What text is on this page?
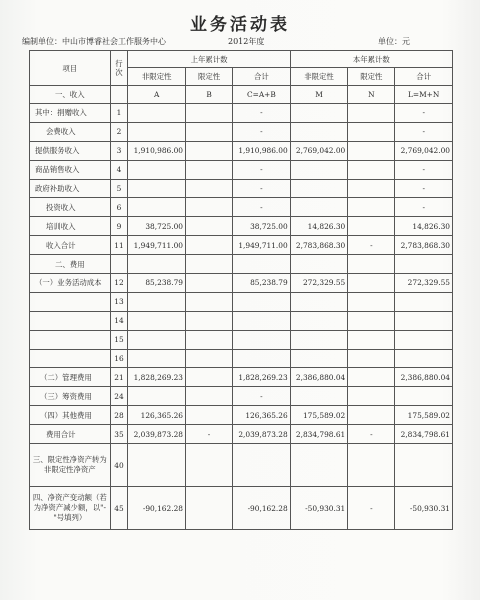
业务活动表
编制单位：中山市博睿社会工作服务中心	2012年度	单位：元
项目	行次	上年累计数			本年累计数		
		非限定性	限定性	合计	非限定性	限定性	合计
一、收入		A	B	C=A+B	M	N	L=M+N
其中：捐赠收入	1			-			-
会费收入	2			-			-
提供服务收入	3	1,910,986.00		1,910,986.00	2,769,042.00		2,769,042.00
商品销售收入	4			-			-
政府补助收入	5			-			-
投资收入	6			-			-
培训收入	9	38,725.00		38,725.00	14,826.30		14,826.30
收入合计	11	1,949,711.00		1,949,711.00	2,783,868.30	-	2,783,868.30
二、费用							
（一）业务活动成本	12	85,238.79		85,238.79	272,329.55		272,329.55
	13						
	14						
	15						
	16						
（二）管理费用	21	1,828,269.23		1,828,269.23	2,386,880.04		2,386,880.04
（三）筹资费用	24			-			
（四）其他费用	28	126,365.26		126,365.26	175,589.02		175,589.02
费用合计	35	2,039,873.28	-	2,039,873.28	2,834,798.61	-	2,834,798.61
三、限定性净资产转为非限定性净资产	40						
四、净资产变动额（若为净资产减少额，以"-"号填列）	45	-90,162.28		-90,162.28	-50,930.31	-	-50,930.31
